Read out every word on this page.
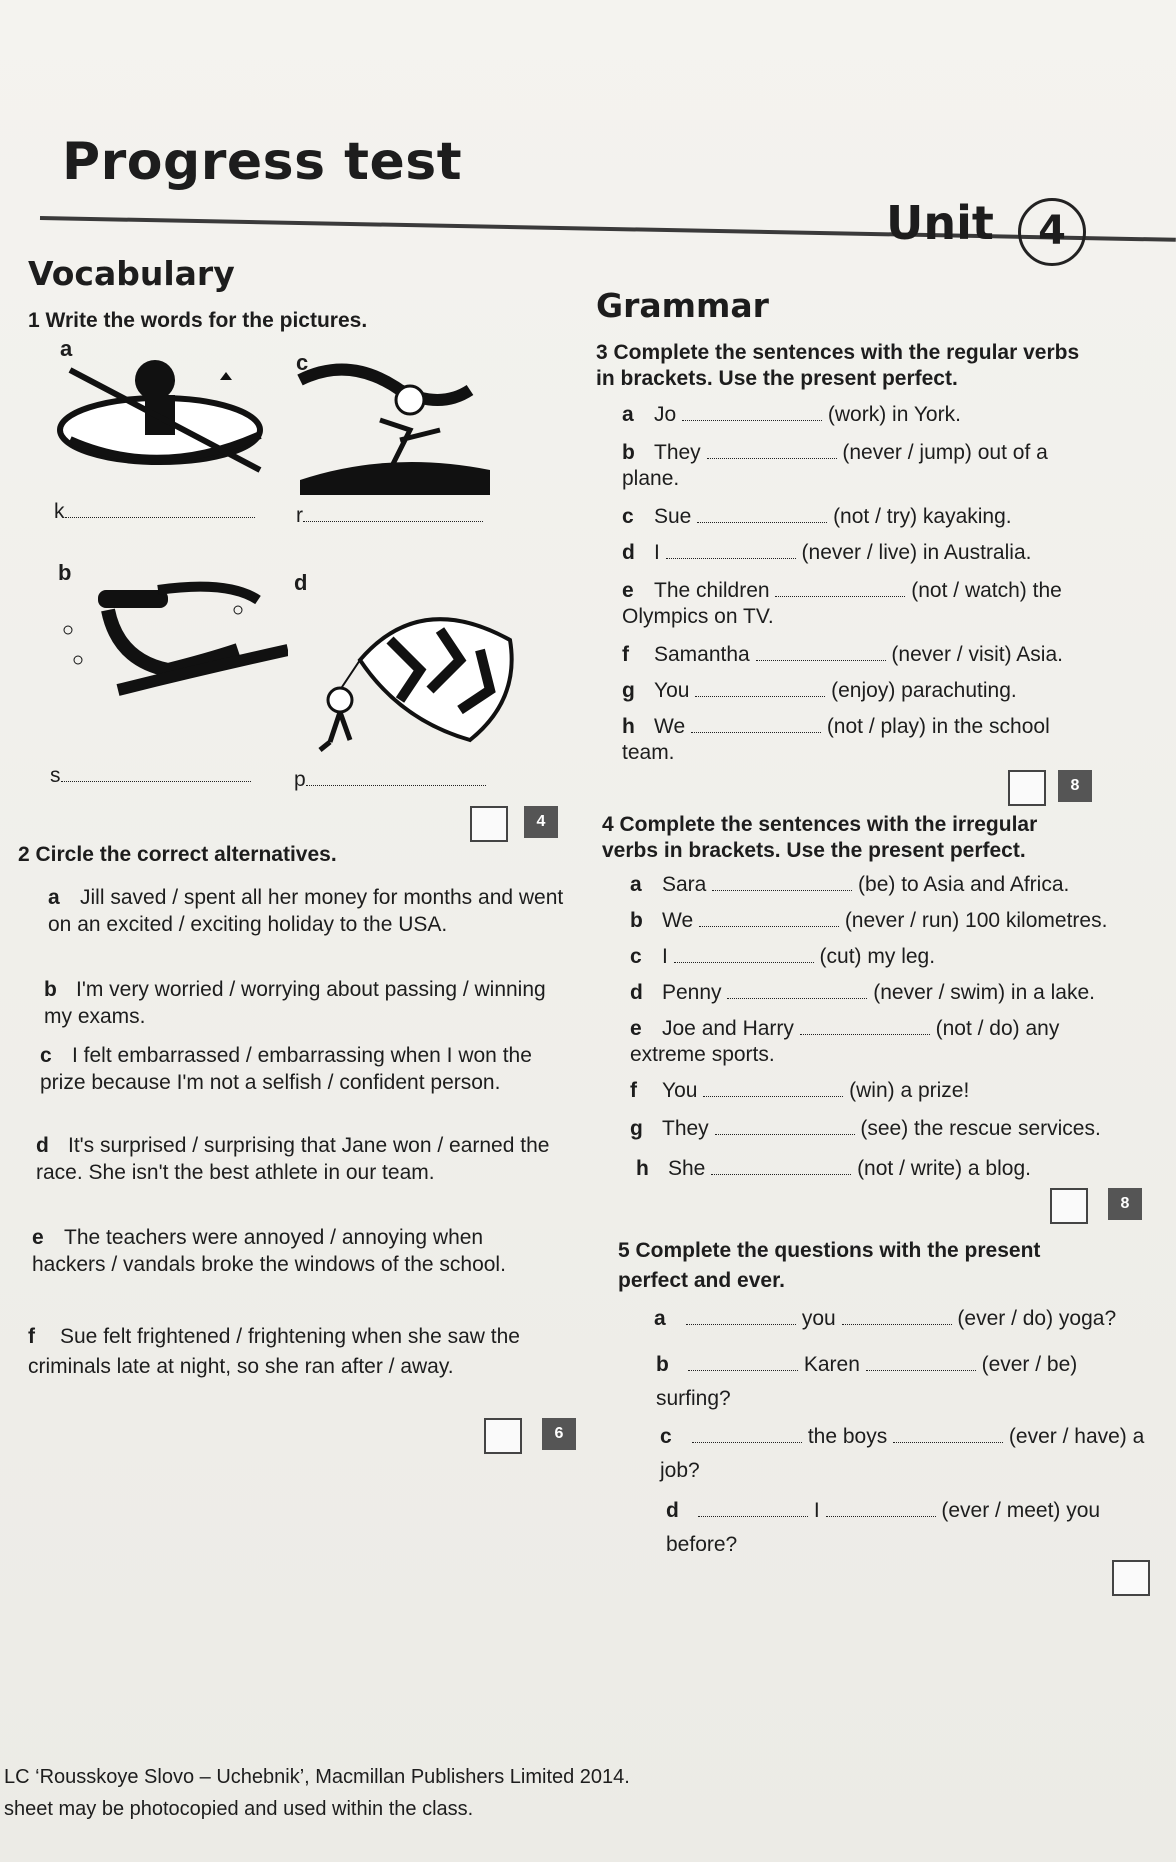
Progress test
Unit	4
Vocabulary
1 Write the words for the pictures.
a
k
c
r
b
s
d
p
4
2 Circle the correct alternatives.
a Jill saved / spent all her money for months and went on an excited / exciting holiday to the USA.
b I'm very worried / worrying about passing / winning my exams.
c I felt embarrassed / embarrassing when I won the prize because I'm not a selfish / confident person.
d It's surprised / surprising that Jane won / earned the race. She isn't the best athlete in our team.
e The teachers were annoyed / annoying when hackers / vandals broke the windows of the school.
f Sue felt frightened / frightening when she saw the criminals late at night, so she ran after / away.
6
Grammar
3 Complete the sentences with the regular verbs in brackets. Use the present perfect.
a Jo	(work) in York.
b They	(never / jump) out of a plane.
c Sue	(not / try) kayaking.
d I	(never / live) in Australia.
e The children	(not / watch) the Olympics on TV.
f Samantha	(never / visit) Asia.
g You	(enjoy) parachuting.
h We	(not / play) in the school team.
8
4 Complete the sentences with the irregular verbs in brackets. Use the present perfect.
a Sara	(be) to Asia and Africa.
b We	(never / run) 100 kilometres.
c I	(cut) my leg.
d Penny	(never / swim) in a lake.
e Joe and Harry	(not / do) any extreme sports.
f You	(win) a prize!
g They	(see) the rescue services.
h She	(not / write) a blog.
8
5 Complete the questions with the present perfect and ever.
a	you	(ever / do) yoga?
b	Karen	(ever / be) surfing?
c	the boys	(ever / have) a job?
d	I	(ever / meet) you before?
LC ‘Rousskoye Slovo – Uchebnik’, Macmillan Publishers Limited 2014.
sheet may be photocopied and used within the class.
